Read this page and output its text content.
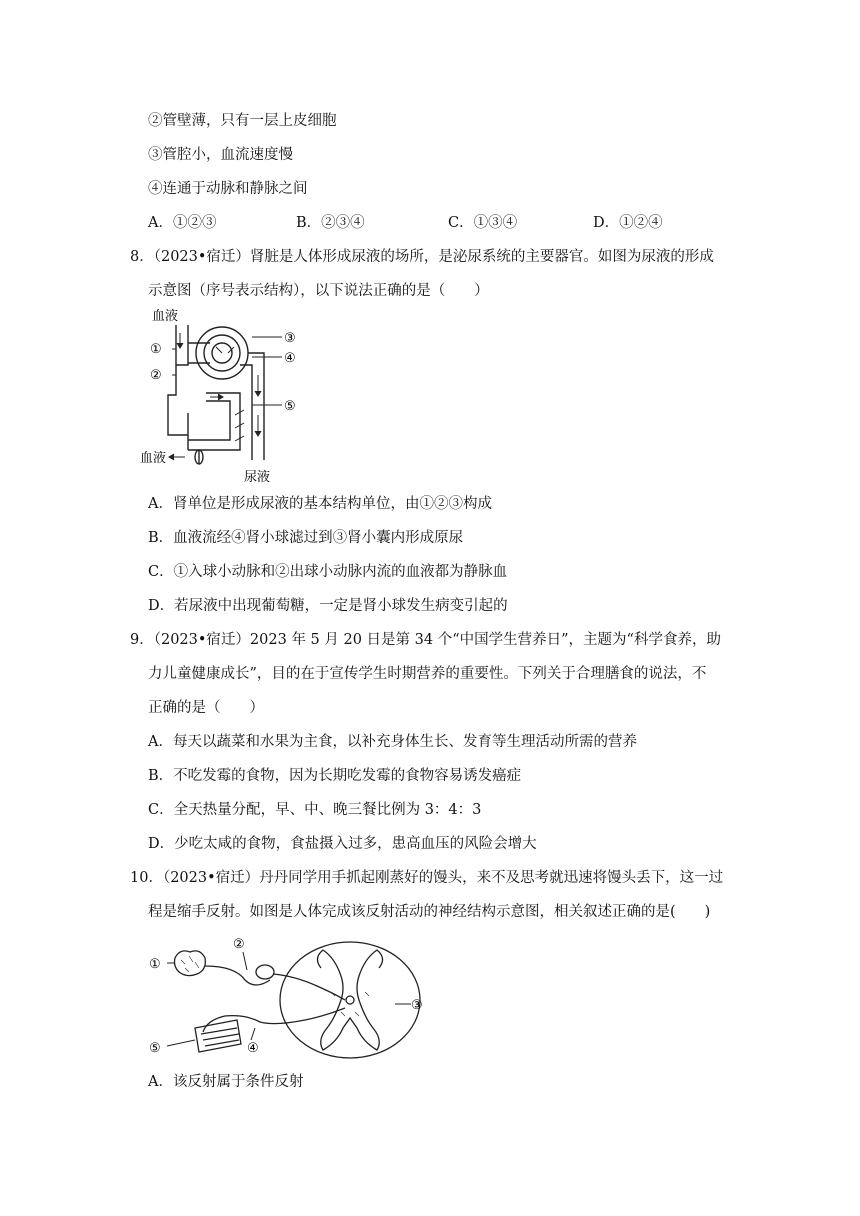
②管壁薄，只有一层上皮细胞
③管腔小，血流速度慢
④连通于动脉和静脉之间
A．①②③	B．②③④	C．①③④	D．①②④
8．（2023•宿迁）肾脏是人体形成尿液的场所，是泌尿系统的主要器官。如图为尿液的形成
示意图（序号表示结构），以下说法正确的是（　　）
血液
①
②
③
④
⑤
血液
尿液
A．肾单位是形成尿液的基本结构单位，由①②③构成
B．血液流经④肾小球滤过到③肾小囊内形成原尿
C．①入球小动脉和②出球小动脉内流的血液都为静脉血
D．若尿液中出现葡萄糖，一定是肾小球发生病变引起的
9．（2023•宿迁）2023 年 5 月 20 日是第 34 个“中国学生营养日”，主题为“科学食养，助
力儿童健康成长”，目的在于宣传学生时期营养的重要性。下列关于合理膳食的说法，不
正确的是（　　）
A．每天以蔬菜和水果为主食，以补充身体生长、发育等生理活动所需的营养
B．不吃发霉的食物，因为长期吃发霉的食物容易诱发癌症
C．全天热量分配，早、中、晚三餐比例为 3：4：3
D．少吃太咸的食物，食盐摄入过多，患高血压的风险会增大
10．（2023•宿迁）丹丹同学用手抓起刚蒸好的馒头，来不及思考就迅速将馒头丢下，这一过
程是缩手反射。如图是人体完成该反射活动的神经结构示意图，相关叙述正确的是(　　)
①
②
③
④
⑤
A．该反射属于条件反射
